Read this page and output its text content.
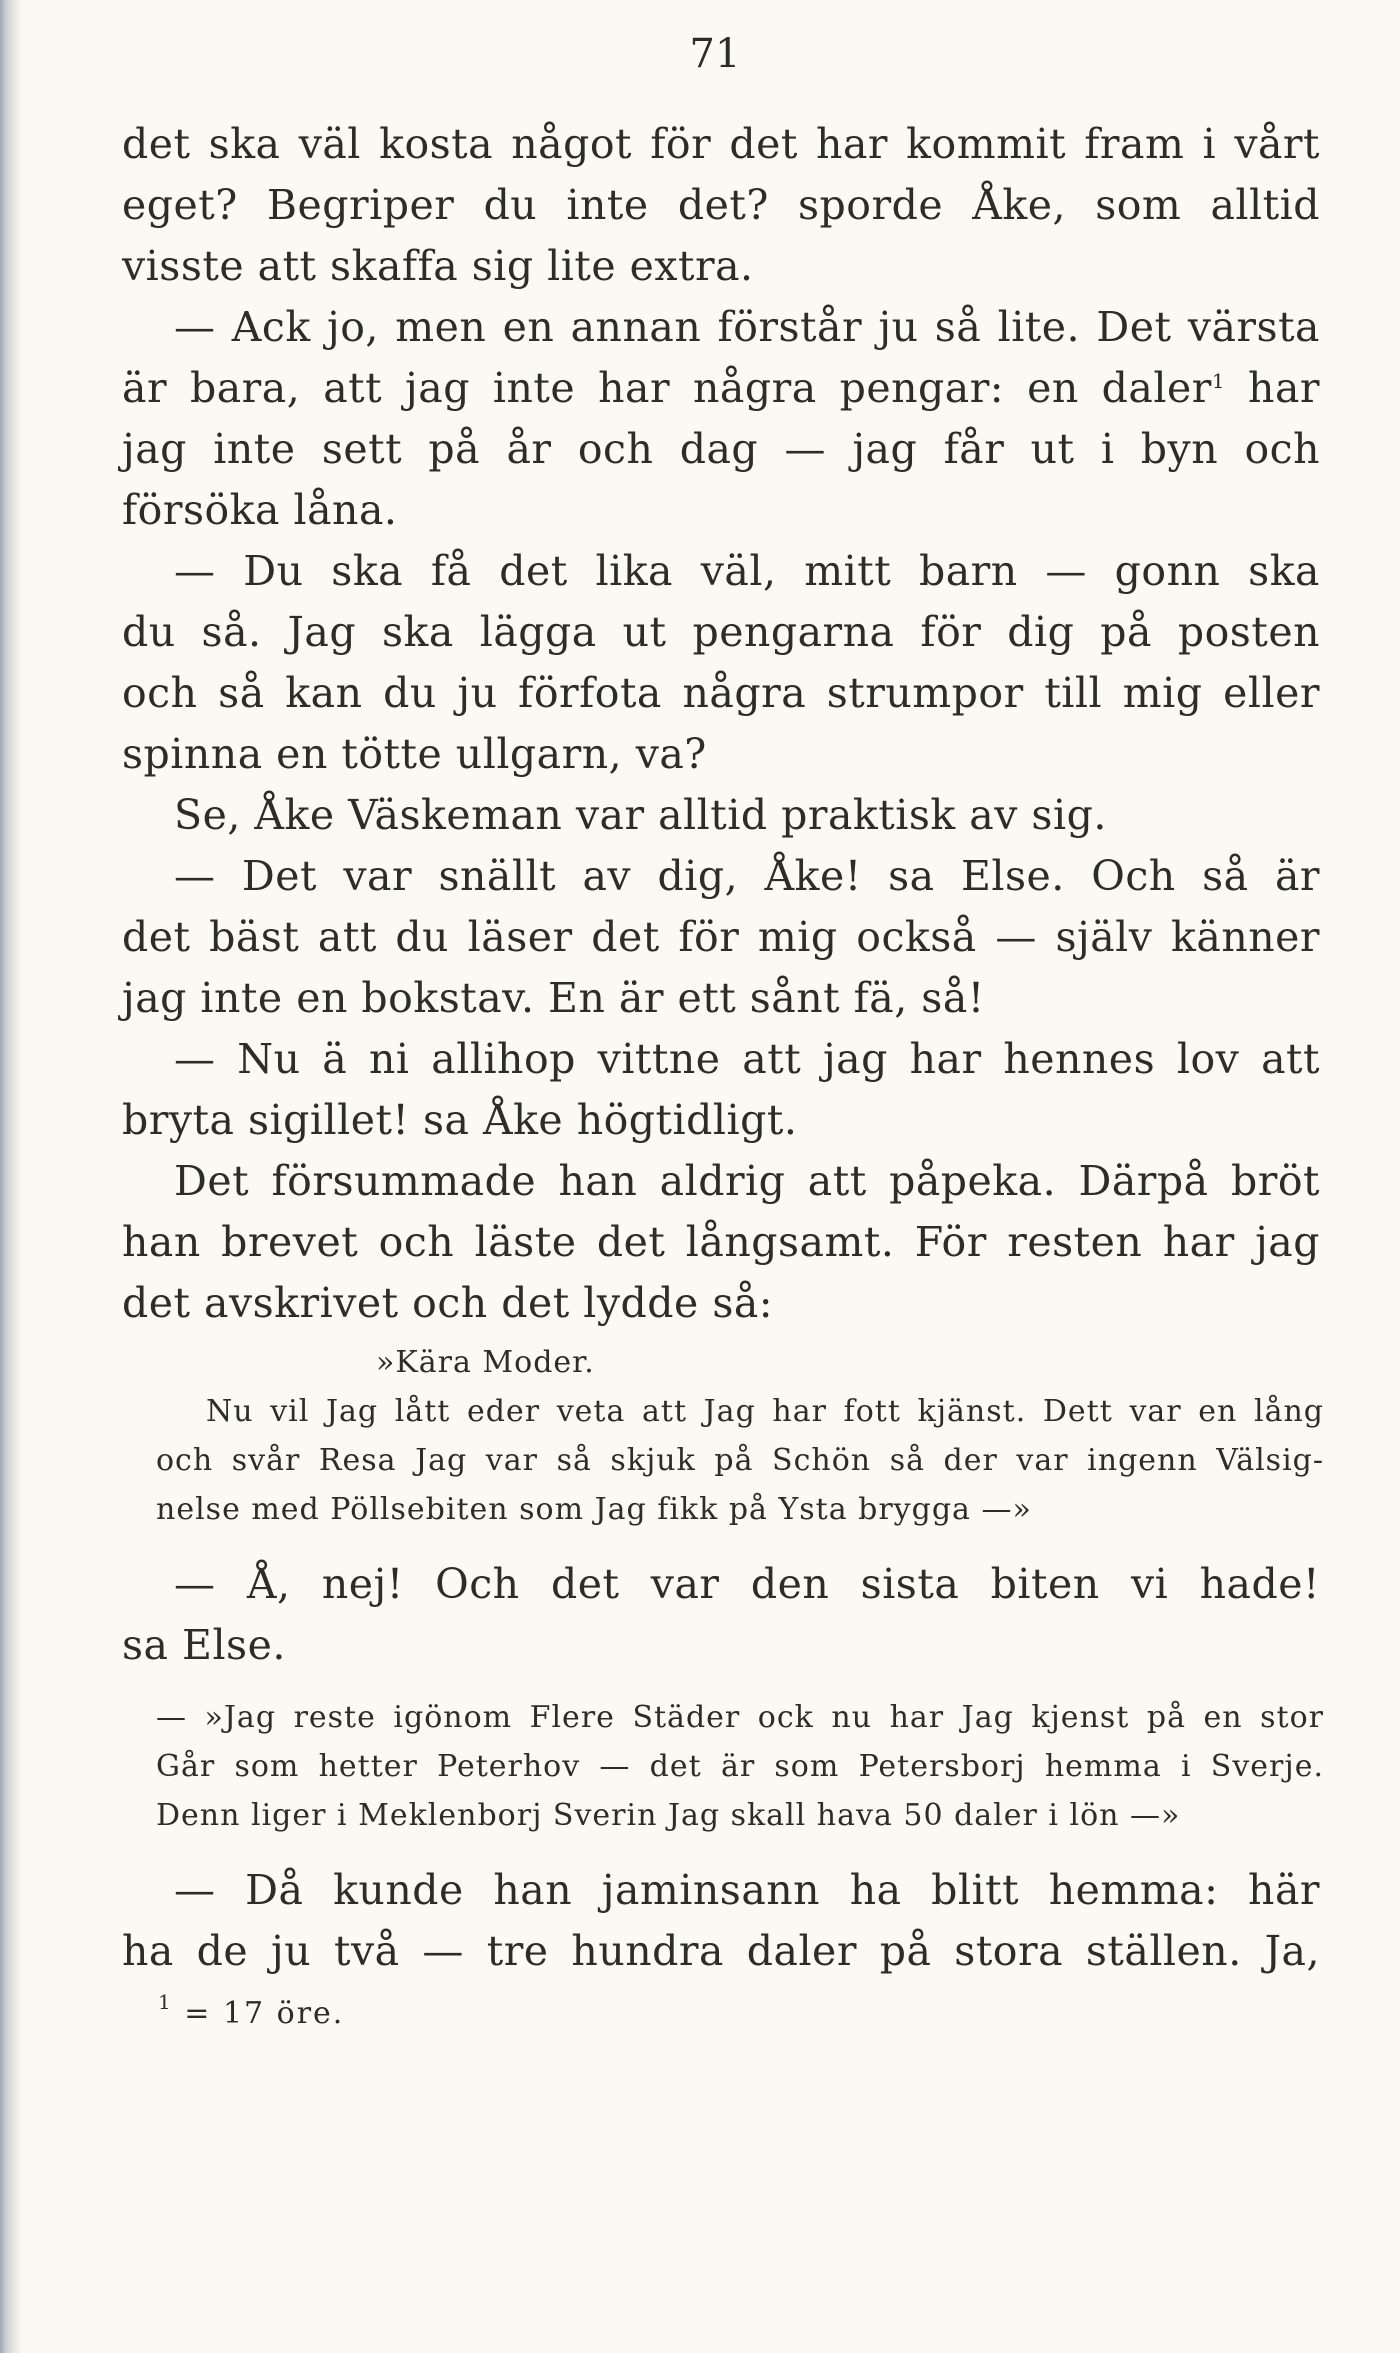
71
det ska väl kosta något för det har kommit fram i vårt
eget? Begriper du inte det? sporde Åke, som alltid
visste att skaffa sig lite extra.
— Ack jo, men en annan förstår ju så lite. Det värsta
är bara, att jag inte har några pengar: en daler$^1$ har
jag inte sett på år och dag — jag får ut i byn och
försöka låna.
— Du ska få det lika väl, mitt barn — gonn ska
du så. Jag ska lägga ut pengarna för dig på posten
och så kan du ju förfota några strumpor till mig eller
spinna en tötte ullgarn, va?
Se, Åke Väskeman var alltid praktisk av sig.
— Det var snällt av dig, Åke! sa Else. Och så är
det bäst att du läser det för mig också — själv känner
jag inte en bokstav. En är ett sånt fä, så!
— Nu ä ni allihop vittne att jag har hennes lov att
bryta sigillet! sa Åke högtidligt.
Det försummade han aldrig att påpeka. Därpå bröt
han brevet och läste det långsamt. För resten har jag
det avskrivet och det lydde så:
»Kära Moder.
Nu vil Jag lått eder veta att Jag har fott kjänst. Dett var en lång
och svår Resa Jag var så skjuk på Schön så der var ingenn Välsig-
nelse med Pöllsebiten som Jag fikk på Ysta brygga —»
— Å, nej! Och det var den sista biten vi hade!
sa Else.
— »Jag reste igönom Flere Städer ock nu har Jag kjenst på en stor
Går som hetter Peterhov — det är som Petersborj hemma i Sverje.
Denn liger i Meklenborj Sverin Jag skall hava 50 daler i lön —»
— Då kunde han jaminsann ha blitt hemma: här
ha de ju två — tre hundra daler på stora ställen. Ja,
$^1$ = 17 öre.
